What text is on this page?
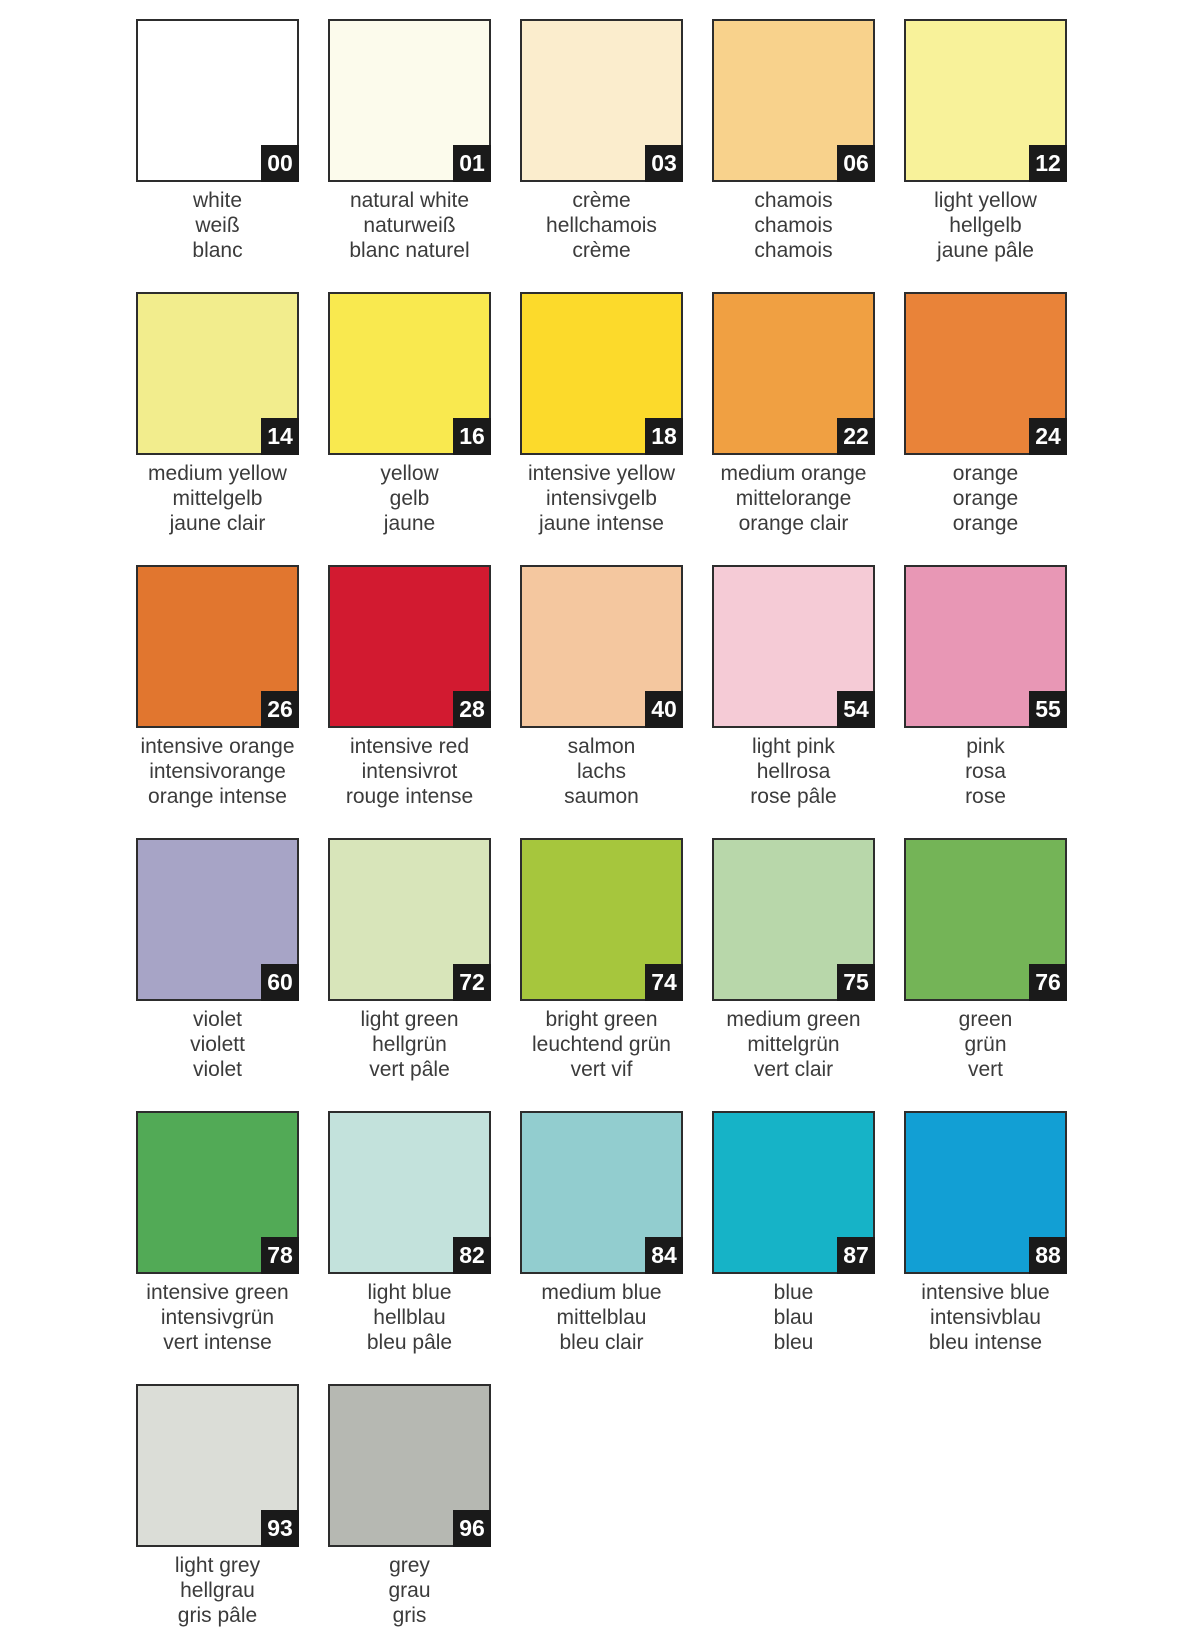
00
white
weiß
blanc
01
natural white
naturweiß
blanc naturel
03
crème
hellchamois
crème
06
chamois
chamois
chamois
12
light yellow
hellgelb
jaune pâle
14
medium yellow
mittelgelb
jaune clair
16
yellow
gelb
jaune
18
intensive yellow
intensivgelb
jaune intense
22
medium orange
mittelorange
orange clair
24
orange
orange
orange
26
intensive orange
intensivorange
orange intense
28
intensive red
intensivrot
rouge intense
40
salmon
lachs
saumon
54
light pink
hellrosa
rose pâle
55
pink
rosa
rose
60
violet
violett
violet
72
light green
hellgrün
vert pâle
74
bright green
leuchtend grün
vert vif
75
medium green
mittelgrün
vert clair
76
green
grün
vert
78
intensive green
intensivgrün
vert intense
82
light blue
hellblau
bleu pâle
84
medium blue
mittelblau
bleu clair
87
blue
blau
bleu
88
intensive blue
intensivblau
bleu intense
93
light grey
hellgrau
gris pâle
96
grey
grau
gris
